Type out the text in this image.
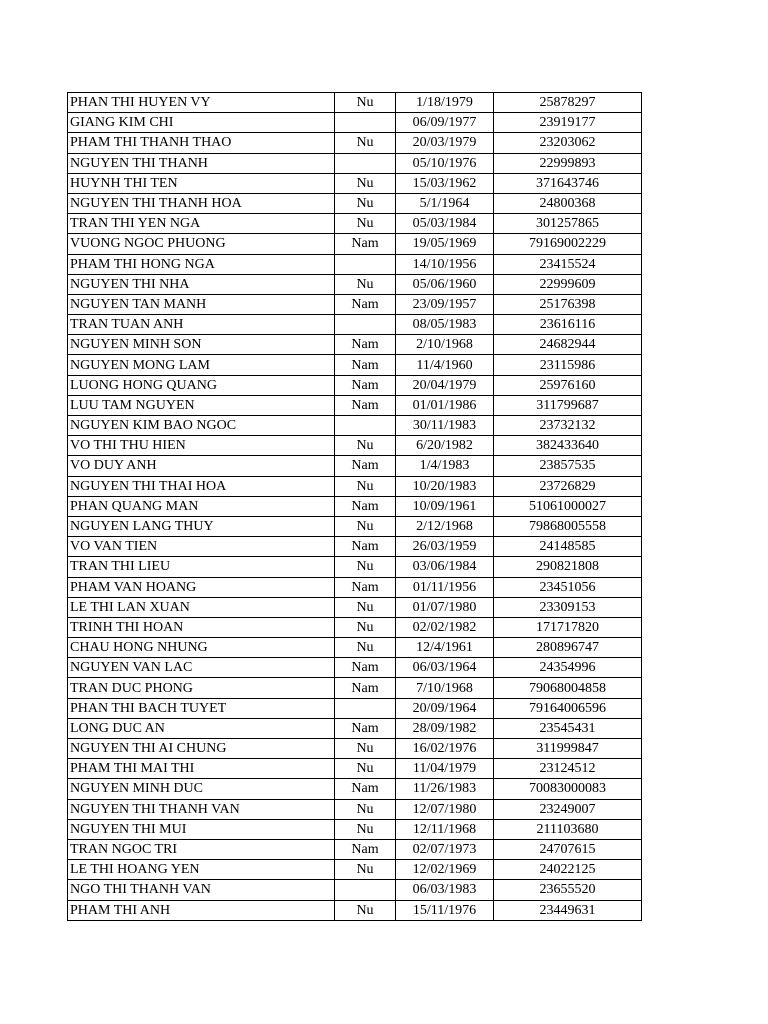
PHAN THI HUYEN VY	Nu	1/18/1979	25878297
GIANG KIM CHI		06/09/1977	23919177
PHAM THI THANH THAO	Nu	20/03/1979	23203062
NGUYEN THI THANH		05/10/1976	22999893
HUYNH THI TEN	Nu	15/03/1962	371643746
NGUYEN THI THANH HOA	Nu	5/1/1964	24800368
TRAN THI YEN NGA	Nu	05/03/1984	301257865
VUONG NGOC PHUONG	Nam	19/05/1969	79169002229
PHAM THI HONG NGA		14/10/1956	23415524
NGUYEN THI NHA	Nu	05/06/1960	22999609
NGUYEN TAN MANH	Nam	23/09/1957	25176398
TRAN TUAN ANH		08/05/1983	23616116
NGUYEN MINH SON	Nam	2/10/1968	24682944
NGUYEN MONG LAM	Nam	11/4/1960	23115986
LUONG HONG QUANG	Nam	20/04/1979	25976160
LUU TAM NGUYEN	Nam	01/01/1986	311799687
NGUYEN KIM BAO NGOC		30/11/1983	23732132
VO THI THU HIEN	Nu	6/20/1982	382433640
VO DUY ANH	Nam	1/4/1983	23857535
NGUYEN THI THAI HOA	Nu	10/20/1983	23726829
PHAN QUANG MAN	Nam	10/09/1961	51061000027
NGUYEN LANG THUY	Nu	2/12/1968	79868005558
VO VAN TIEN	Nam	26/03/1959	24148585
TRAN THI LIEU	Nu	03/06/1984	290821808
PHAM VAN HOANG	Nam	01/11/1956	23451056
LE THI LAN XUAN	Nu	01/07/1980	23309153
TRINH THI HOAN	Nu	02/02/1982	171717820
CHAU HONG NHUNG	Nu	12/4/1961	280896747
NGUYEN VAN LAC	Nam	06/03/1964	24354996
TRAN DUC PHONG	Nam	7/10/1968	79068004858
PHAN THI BACH TUYET		20/09/1964	79164006596
LONG DUC AN	Nam	28/09/1982	23545431
NGUYEN THI AI CHUNG	Nu	16/02/1976	311999847
PHAM THI MAI THI	Nu	11/04/1979	23124512
NGUYEN MINH DUC	Nam	11/26/1983	70083000083
NGUYEN THI THANH VAN	Nu	12/07/1980	23249007
NGUYEN THI MUI	Nu	12/11/1968	211103680
TRAN NGOC TRI	Nam	02/07/1973	24707615
LE THI HOANG YEN	Nu	12/02/1969	24022125
NGO THI THANH VAN		06/03/1983	23655520
PHAM THI ANH	Nu	15/11/1976	23449631
